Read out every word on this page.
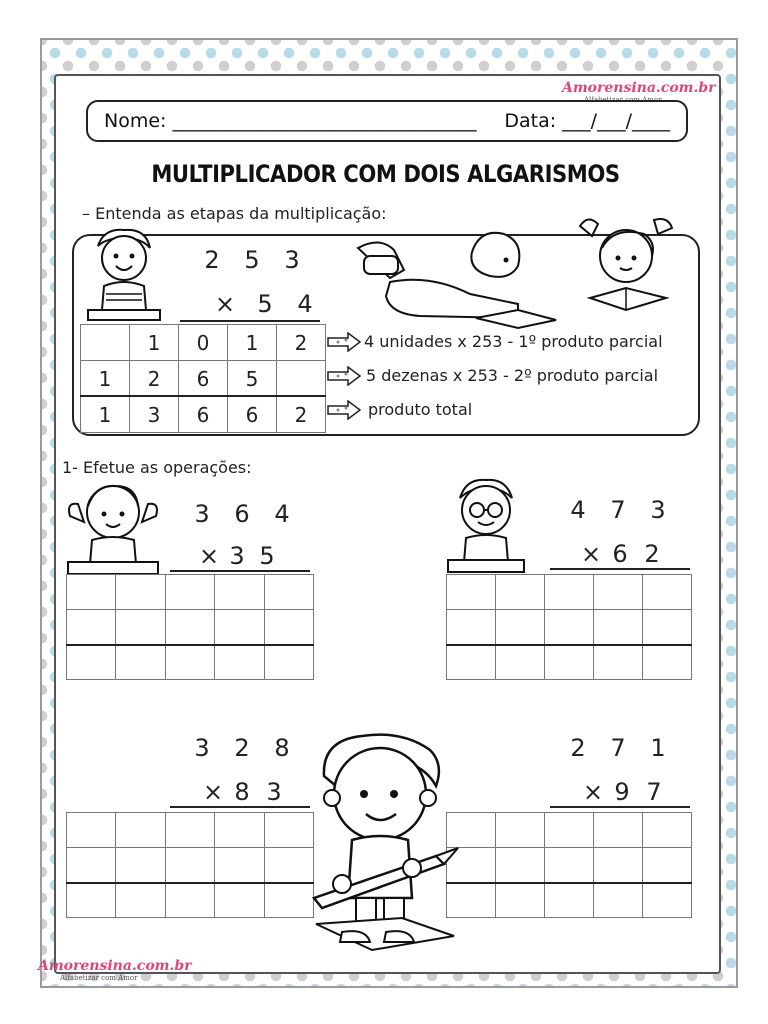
Amorensina.com.br
Nome: ________________________________ Data: ___/___/____
MULTIPLICADOR COM DOIS ALGARISMOS
– Entenda as etapas da multiplicação:
2	5	3
× 5	4
	1	0	1	2
1	2	6	5	
1	3	6	6	2
4 unidades x 253 - 1º produto parcial
5 dezenas x 253 - 2º produto parcial
produto total
1- Efetue as operações:
3	6	4
× 3 5

4	7	3
× 6 2

3	2	8
× 8 3

2	7	1
× 9 7

Amorensina.com.br
Alfabetizar com Amor
